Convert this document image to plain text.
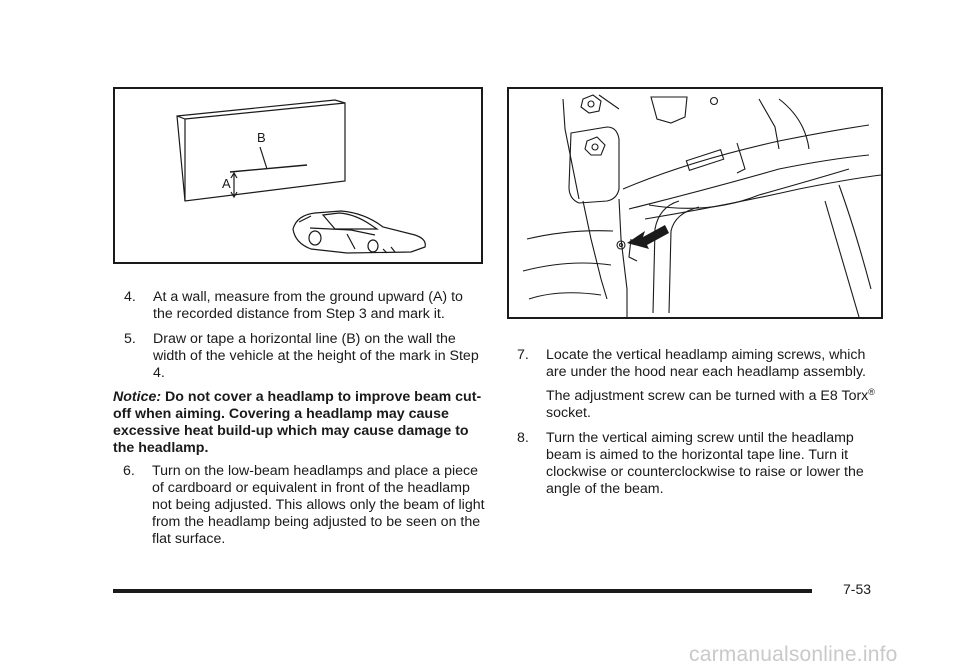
B
A
4. At a wall, measure from the ground upward (A) to the recorded distance from Step 3 and mark it.
5. Draw or tape a horizontal line (B) on the wall the width of the vehicle at the height of the mark in Step 4.
Notice: Do not cover a headlamp to improve beam cut-off when aiming. Covering a headlamp may cause excessive heat build-up which may cause damage to the headlamp.
6. Turn on the low-beam headlamps and place a piece of cardboard or equivalent in front of the headlamp not being adjusted. This allows only the beam of light from the headlamp being adjusted to be seen on the flat surface.
7. Locate the vertical headlamp aiming screws, which are under the hood near each headlamp assembly.
The adjustment screw can be turned with a E8 Torx® socket.
8. Turn the vertical aiming screw until the headlamp beam is aimed to the horizontal tape line. Turn it clockwise or counterclockwise to raise or lower the angle of the beam.
7-53
carmanualsonline.info
